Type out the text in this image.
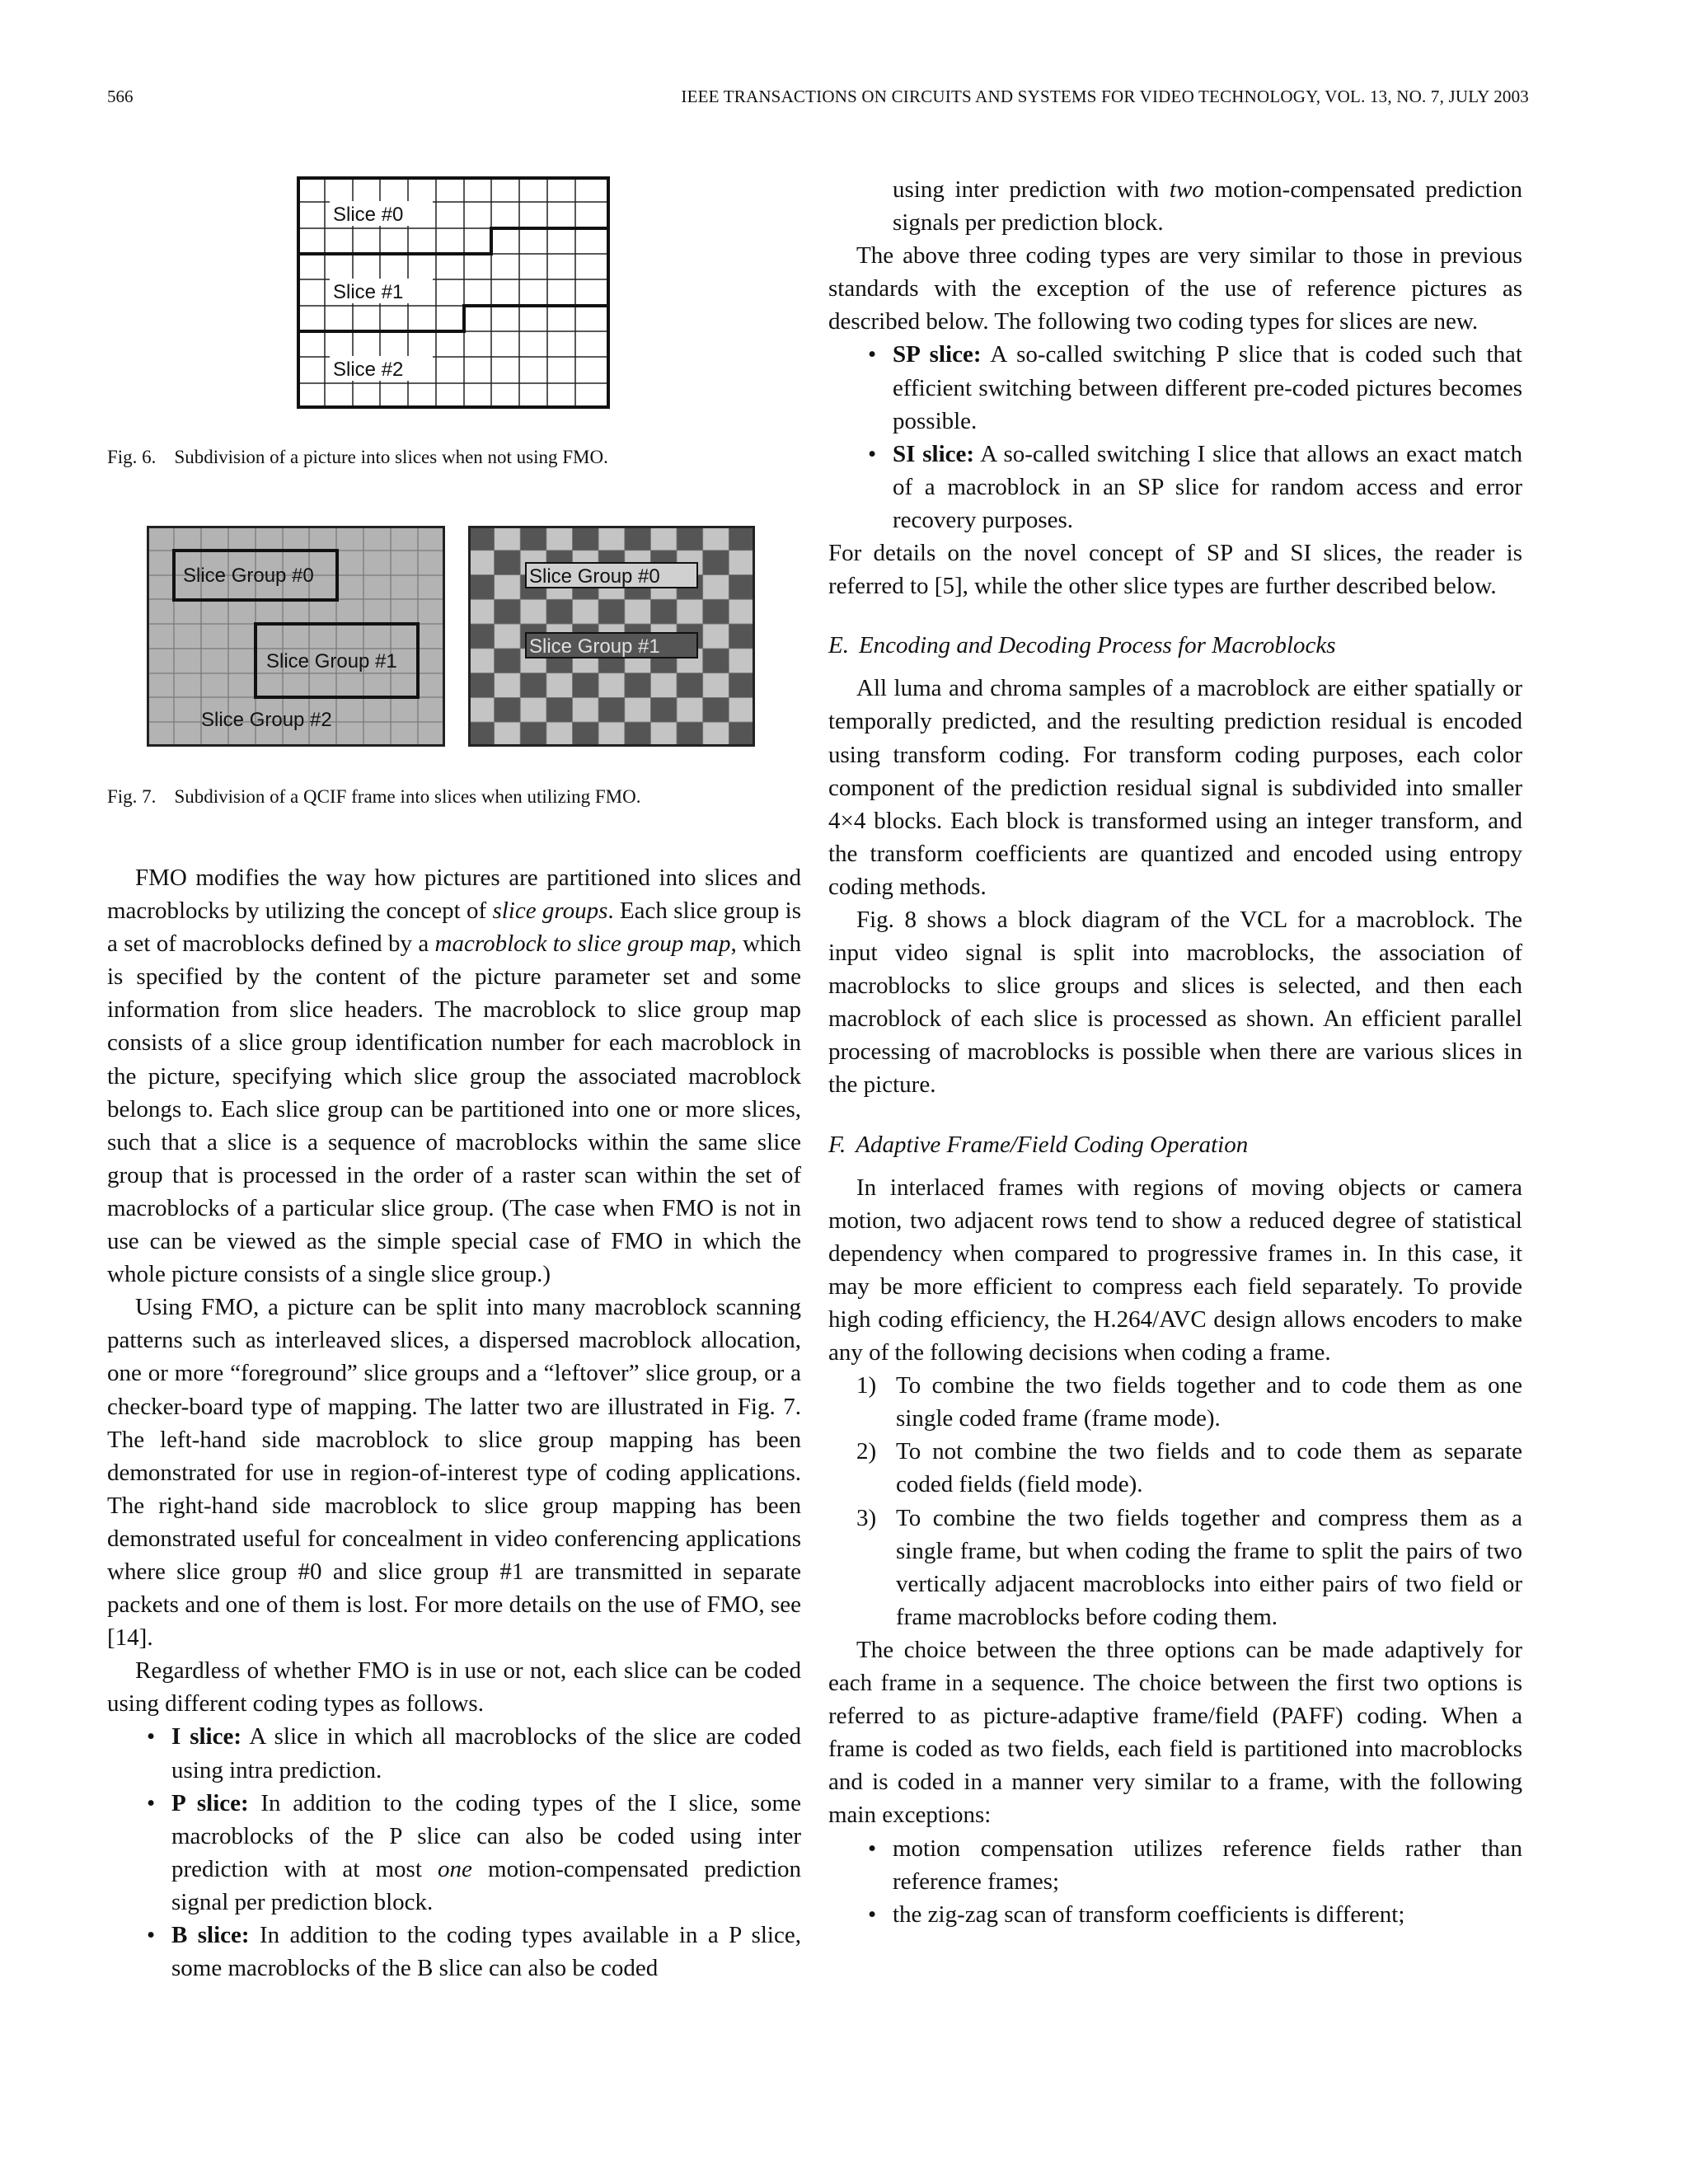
566	IEEE TRANSACTIONS ON CIRCUITS AND SYSTEMS FOR VIDEO TECHNOLOGY, VOL. 13, NO. 7, JULY 2003
Slice #0
Slice #1
Slice #2
Fig. 6. Subdivision of a picture into slices when not using FMO.
Slice Group #0
Slice Group #1
Slice Group #2
Slice Group #0
Slice Group #1
Fig. 7. Subdivision of a QCIF frame into slices when utilizing FMO.

FMO modifies the way how pictures are partitioned into slices and macroblocks by utilizing the concept of slice groups. Each slice group is a set of macroblocks defined by a macroblock to slice group map, which is specified by the content of the picture parameter set and some information from slice headers. The macroblock to slice group map consists of a slice group identification number for each macroblock in the picture, specifying which slice group the associated macroblock belongs to. Each slice group can be partitioned into one or more slices, such that a slice is a sequence of macroblocks within the same slice group that is processed in the order of a raster scan within the set of macroblocks of a particular slice group. (The case when FMO is not in use can be viewed as the simple special case of FMO in which the whole picture consists of a single slice group.)

Using FMO, a picture can be split into many macroblock scanning patterns such as interleaved slices, a dispersed macroblock allocation, one or more “foreground” slice groups and a “leftover” slice group, or a checker-board type of mapping. The latter two are illustrated in Fig. 7. The left-hand side macroblock to slice group mapping has been demonstrated for use in region-of-interest type of coding applications. The right-hand side macroblock to slice group mapping has been demonstrated useful for concealment in video conferencing applications where slice group #0 and slice group #1 are transmitted in separate packets and one of them is lost. For more details on the use of FMO, see [14].

Regardless of whether FMO is in use or not, each slice can be coded using different coding types as follows.

• I slice: A slice in which all macroblocks of the slice are coded using intra prediction.
• P slice: In addition to the coding types of the I slice, some macroblocks of the P slice can also be coded using inter prediction with at most one motion-compensated prediction signal per prediction block.
• B slice: In addition to the coding types available in a P slice, some macroblocks of the B slice can also be coded
using inter prediction with two motion-compensated prediction signals per prediction block.

The above three coding types are very similar to those in previous standards with the exception of the use of reference pictures as described below. The following two coding types for slices are new.

• SP slice: A so-called switching P slice that is coded such that efficient switching between different pre-coded pictures becomes possible.
• SI slice: A so-called switching I slice that allows an exact match of a macroblock in an SP slice for random access and error recovery purposes.

For details on the novel concept of SP and SI slices, the reader is referred to [5], while the other slice types are further described below.

E. Encoding and Decoding Process for Macroblocks

All luma and chroma samples of a macroblock are either spatially or temporally predicted, and the resulting prediction residual is encoded using transform coding. For transform coding purposes, each color component of the prediction residual signal is subdivided into smaller 4×4 blocks. Each block is transformed using an integer transform, and the transform coefficients are quantized and encoded using entropy coding methods.

Fig. 8 shows a block diagram of the VCL for a macroblock. The input video signal is split into macroblocks, the association of macroblocks to slice groups and slices is selected, and then each macroblock of each slice is processed as shown. An efficient parallel processing of macroblocks is possible when there are various slices in the picture.

F. Adaptive Frame/Field Coding Operation

In interlaced frames with regions of moving objects or camera motion, two adjacent rows tend to show a reduced degree of statistical dependency when compared to progressive frames in. In this case, it may be more efficient to compress each field separately. To provide high coding efficiency, the H.264/AVC design allows encoders to make any of the following decisions when coding a frame.

1) To combine the two fields together and to code them as one single coded frame (frame mode).
2) To not combine the two fields and to code them as separate coded fields (field mode).
3) To combine the two fields together and compress them as a single frame, but when coding the frame to split the pairs of two vertically adjacent macroblocks into either pairs of two field or frame macroblocks before coding them.

The choice between the three options can be made adaptively for each frame in a sequence. The choice between the first two options is referred to as picture-adaptive frame/field (PAFF) coding. When a frame is coded as two fields, each field is partitioned into macroblocks and is coded in a manner very similar to a frame, with the following main exceptions:

• motion compensation utilizes reference fields rather than reference frames;
• the zig-zag scan of transform coefficients is different;
